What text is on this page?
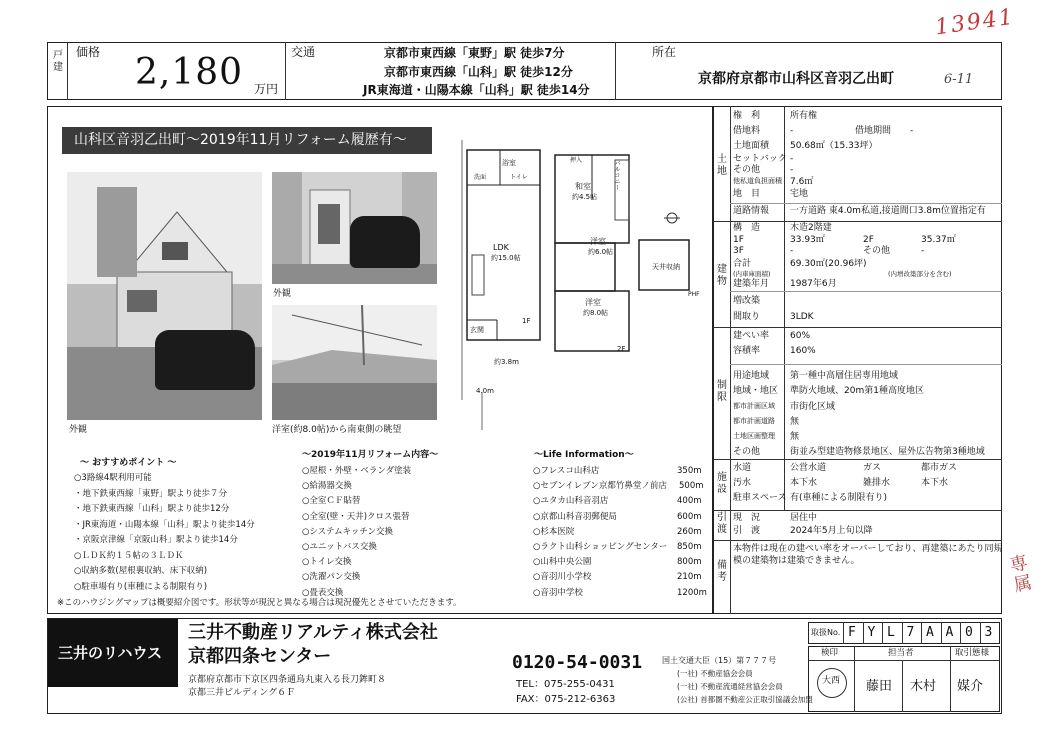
13941
戸建
価格 2,180 万円
交通	京都市東西線「東野」駅 徒歩7分
京都市東西線「山科」駅 徒歩12分
JR東海道・山陽本線「山科」駅 徒歩14分
所在
京都府京都市山科区音羽乙出町	6-11
山科区音羽乙出町～2019年11月リフォーム履歴有～
外観
外観
洋室(約8.0帖)から南東側の眺望
LDK
約15.0帖
浴室
トイレ
洗面
玄関
1F
約3.8m
4.0m
和室
約4.5帖
洋室
約6.0帖
洋室
約8.0帖
押入	バルコニー
2F
天井収納
PHF
～ おすすめポイント ～
○3路線4駅利用可能
・地下鉄東西線「東野」駅より徒歩７分
・地下鉄東西線「山科」駅より徒歩12分
・JR東海道・山陽本線「山科」駅より徒歩14分
・京阪京津線「京阪山科」駅より徒歩14分
○ＬＤＫ約１５帖の３ＬＤＫ
○収納多数(屋根裏収納、床下収納)
○駐車場有り(車種による制限有り)
～2019年11月リフォーム内容～
○屋根・外壁・ベランダ塗装
○給湯器交換
○全室ＣＦ貼替
○全室(壁・天井)クロス張替
○システムキッチン交換
○ユニットバス交換
○トイレ交換
○洗濯パン交換
○畳表交換
～Life Information～
○フレスコ山科店	350m
○セブンイレブン京都竹鼻堂ノ前店 500m
○ユタカ山科音羽店	400m
○京都山科音羽郵便局	600m
○杉本医院	260m
○ラクト山科ショッピングセンター 850m
○山科中央公園	800m
○音羽川小学校	210m
○音羽中学校	1200m
※このハウジングマップは概要紹介図です。形状等が現況と異なる場合は現況優先とさせていただきます。
土地
建物
制限
施設
引渡
備考
権　利	所有権
借地料	-	借地期間 -
土地面積 50.68㎡（15.33坪）
セットバック -
その他	-
他私道負担面積 7.6㎡
地　目	宅地
道路情報 一方道路 東4.0m私道,接道間口3.8m位置指定有
構　造	木造2階建
1F	33.93㎡	2F	35.37㎡
3F	-	その他	-
合計	69.30㎡(20.96坪)
建築年月 1987年6月
増改築
間取り	3LDK
建ぺい率 60%
容積率	160%
用途地域 第一種中高層住居専用地域
地域・地区 準防火地域、20m第1種高度地区
都市計画区域 市街化区域
都市計画道路 無
土地区画整理 無
その他	街並み型建造物修景地区、屋外広告物第3種地域
水道	公営水道	ガス	都市ガス
汚水	本下水	雑排水	本下水
駐車スペース 有(車種による制限有り)
現　況	居住中
引　渡	2024年5月上旬以降
(内車庫面積)	(内增改築部分を含む)
本物件は現在の建ぺい率をオーバーしており、再建築にあたり同規
模の建築物は建築できません。	専属
三井のリハウス
三井不動産リアルティ株式会社
京都四条センター
京都府京都市下京区四条通烏丸東入る長刀鉾町８
京都三井ビルディング６Ｆ
0120-54-0031
TEL：075-255-0431
FAX：075-212-6363
国土交通大臣（15）第７７７号
(一社) 不動産協会会員
(一社) 不動産流通経営協会会員
(公社) 首都圏不動産公正取引協議会加盟
取扱No. F Y L 7 A A 0 3
検印	担当者	取引態様
大西 藤田 木村 媒介
